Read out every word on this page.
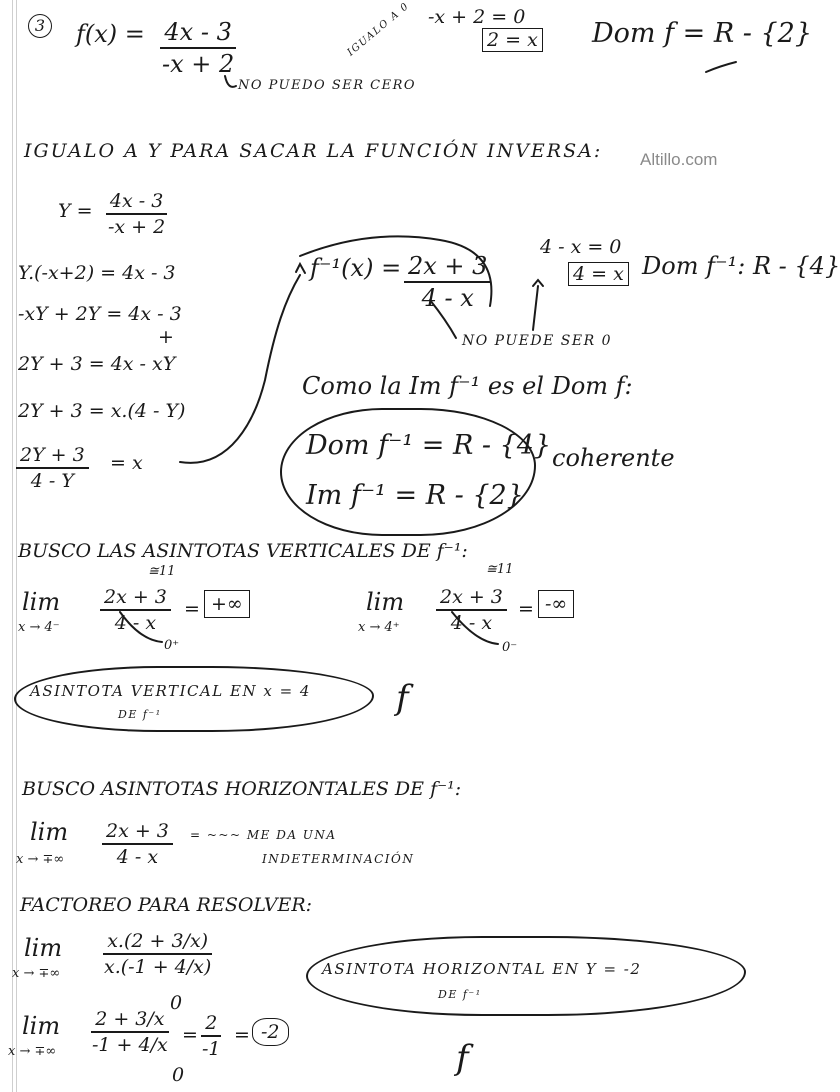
Altillo.com
3 $f(x) = \frac{4x - 3}{-x + 2}$
NO PUEDO SER CERO
IGUALO A 0 -x + 2 = 0
2 = x Dom f = R - {2}
IGUALO A Y PARA SACAR LA FUNCIÓN INVERSA:
$Y = \frac{4x - 3}{-x + 2}$
Y.(-x+2) = 4x - 3
-xY + 2Y = 4x - 3
+
2Y + 3 = 4x - xY
2Y + 3 = x.(4 - Y)
$\frac{2Y + 3}{4 - Y} = x$
$f^{-1}(x) = \frac{2x + 3}{4 - x}$
NO PUEDE SER 0
4 - x = 0
4 = x Dom f⁻¹: R - {4}
Como la Im f⁻¹ es el Dom f:
Dom f⁻¹ = R - {4}
Im f⁻¹ = R - {2}
coherente
BUSCO LAS ASINTOTAS VERTICALES DE f⁻¹:
lim
x → 4⁻
≅11
$\frac{2x + 3}{4 - x}$ = +∞
0⁺
lim
x → 4⁺
≅11
$\frac{2x + 3}{4 - x}$ = -∞
0⁻
ASINTOTA VERTICAL EN x = 4
DE f⁻¹	f
BUSCO ASINTOTAS HORIZONTALES DE f⁻¹:
lim
x → ∓∞ $\frac{2x + 3}{4 - x}$ = ~~~ ME DA UNA
INDETERMINACIÓN
FACTOREO PARA RESOLVER:
lim
x → ∓∞ $\frac{x.(2 + 3/x)}{x.(-1 + 4/x)}$
lim
x → ∓∞ $\frac{2 + 3/x}{-1 + 4/x}$
0
0
= $\frac{2}{-1} = -2$
ASINTOTA HORIZONTAL EN Y = -2
DE f⁻¹
f
